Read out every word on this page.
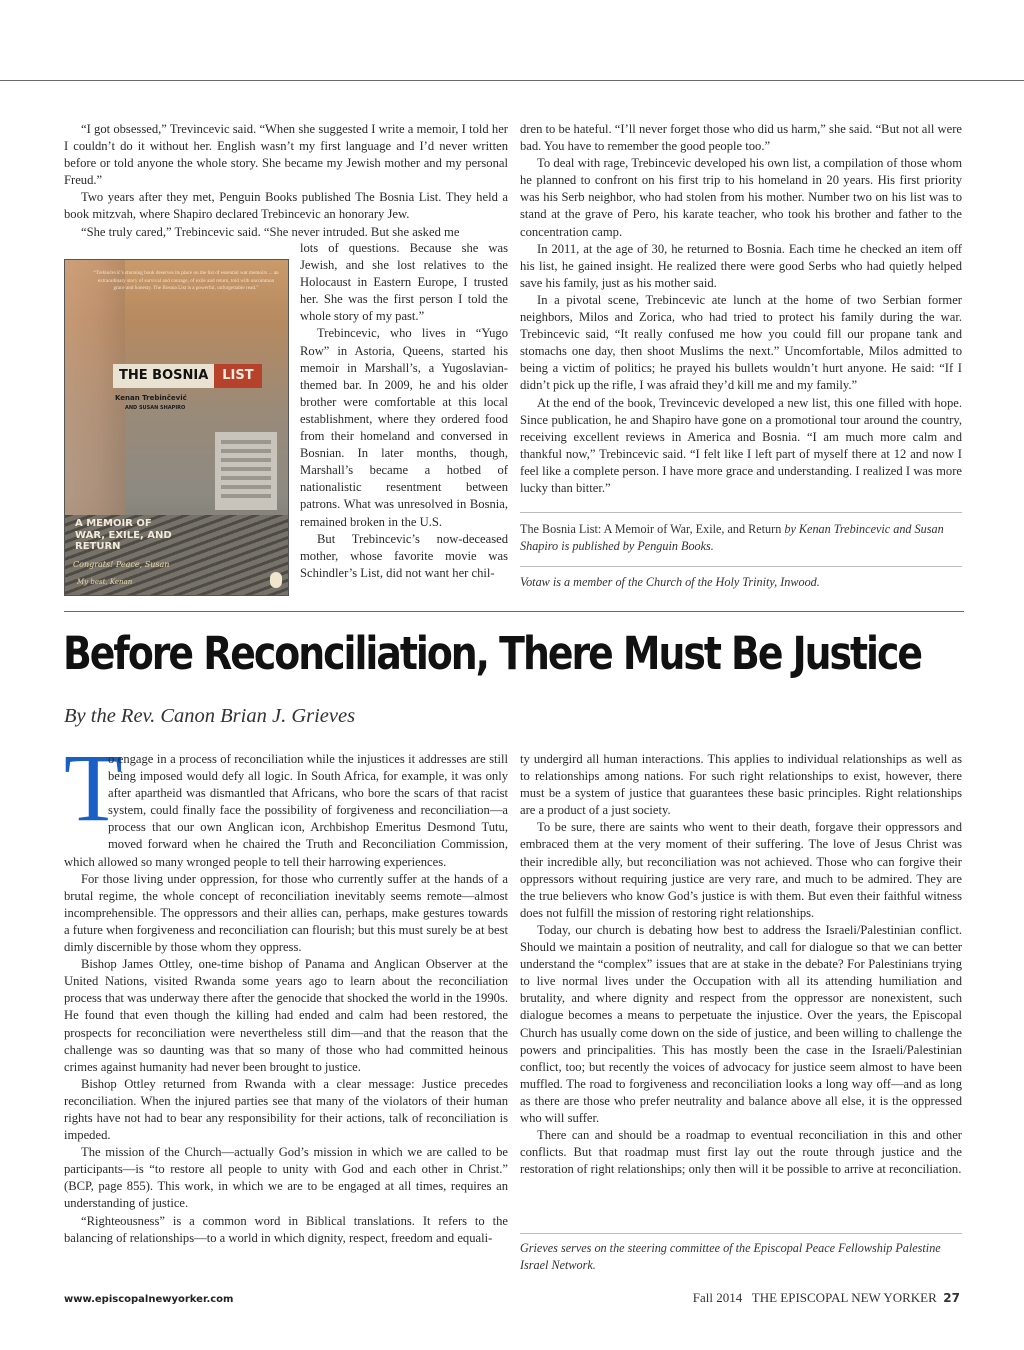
“I got obsessed,” Trevincevic said. “When she suggested I write a memoir, I told her I couldn’t do it without her. English wasn’t my first language and I’d never written before or told anyone the whole story. She became my Jewish mother and my personal Freud.”

Two years after they met, Penguin Books published The Bosnia List. They held a book mitzvah, where Shapiro declared Trebincevic an honorary Jew.

“She truly cared,” Trebincevic said. “She never intruded. But she asked me

“Trebinčević’s stunning book deserves its place on the list of essential war memoirs ... an extraordinary story of survival and courage, of exile and return, told with uncommon grace and honesty. The Bosnia List is a powerful, unforgettable read.”
THE BOSNIA	LIST
Kenan Trebinčević
AND SUSAN SHAPIRO
A MEMOIR OF WAR, EXILE, AND RETURN
Congrats! Peace, Susan
My best, Kenan

lots of questions. Because she was Jewish, and she lost relatives to the Holocaust in Eastern Europe, I trusted her. She was the first person I told the whole story of my past.”

Trebincevic, who lives in “Yugo Row” in Astoria, Queens, started his memoir in Marshall’s, a Yugoslavian-themed bar. In 2009, he and his older brother were comfortable at this local establishment, where they ordered food from their homeland and conversed in Bosnian. In later months, though, Marshall’s became a hotbed of nationalistic resentment between patrons. What was unresolved in Bosnia, remained broken in the U.S.

But Trebincevic’s now-deceased mother, whose favorite movie was Schindler’s List, did not want her chil-

dren to be hateful. “I’ll never forget those who did us harm,” she said. “But not all were bad. You have to remember the good people too.”

To deal with rage, Trebincevic developed his own list, a compilation of those whom he planned to confront on his first trip to his homeland in 20 years. His first priority was his Serb neighbor, who had stolen from his mother. Number two on his list was to stand at the grave of Pero, his karate teacher, who took his brother and father to the concentration camp.

In 2011, at the age of 30, he returned to Bosnia. Each time he checked an item off his list, he gained insight. He realized there were good Serbs who had quietly helped save his family, just as his mother said.

In a pivotal scene, Trebincevic ate lunch at the home of two Serbian former neighbors, Milos and Zorica, who had tried to protect his family during the war. Trebincevic said, “It really confused me how you could fill our propane tank and stomachs one day, then shoot Muslims the next.” Uncomfortable, Milos admitted to being a victim of politics; he prayed his bullets wouldn’t hurt anyone. He said: “If I didn’t pick up the rifle, I was afraid they’d kill me and my family.”

At the end of the book, Trevincevic developed a new list, this one filled with hope. Since publication, he and Shapiro have gone on a promotional tour around the country, receiving excellent reviews in America and Bosnia. “I am much more calm and thankful now,” Trebincevic said. “I felt like I left part of myself there at 12 and now I feel like a complete person. I have more grace and understanding. I realized I was more lucky than bitter.”

The Bosnia List: A Memoir of War, Exile, and Return by Kenan Trebincevic and Susan Shapiro is published by Penguin Books.
Votaw is a member of the Church of the Holy Trinity, Inwood.
Before Reconciliation, There Must Be Justice
By the Rev. Canon Brian J. Grieves

T
o engage in a process of reconciliation while the injustices it addresses are still being imposed would defy all logic. In South Africa, for example, it was only after apartheid was dismantled that Africans, who bore the scars of that racist system, could finally face the possibility of forgiveness and reconciliation—a process that our own Anglican icon, Archbishop Emeritus Desmond Tutu, moved forward when he chaired the Truth and Reconciliation Commission, which allowed so many wronged people to tell their harrowing experiences.

For those living under oppression, for those who currently suffer at the hands of a brutal regime, the whole concept of reconciliation inevitably seems remote—almost incomprehensible. The oppressors and their allies can, perhaps, make gestures towards a future when forgiveness and reconciliation can flourish; but this must surely be at best dimly discernible by those whom they oppress.

Bishop James Ottley, one-time bishop of Panama and Anglican Observer at the United Nations, visited Rwanda some years ago to learn about the reconciliation process that was underway there after the genocide that shocked the world in the 1990s. He found that even though the killing had ended and calm had been restored, the prospects for reconciliation were nevertheless still dim—and that the reason that the challenge was so daunting was that so many of those who had committed heinous crimes against humanity had never been brought to justice.

Bishop Ottley returned from Rwanda with a clear message: Justice precedes reconciliation. When the injured parties see that many of the violators of their human rights have not had to bear any responsibility for their actions, talk of reconciliation is impeded.

The mission of the Church—actually God’s mission in which we are called to be participants—is “to restore all people to unity with God and each other in Christ.” (BCP, page 855). This work, in which we are to be engaged at all times, requires an understanding of justice.

“Righteousness” is a common word in Biblical translations. It refers to the balancing of relationships—to a world in which dignity, respect, freedom and equali-

ty undergird all human interactions. This applies to individual relationships as well as to relationships among nations. For such right relationships to exist, however, there must be a system of justice that guarantees these basic principles. Right relationships are a product of a just society.

To be sure, there are saints who went to their death, forgave their oppressors and embraced them at the very moment of their suffering. The love of Jesus Christ was their incredible ally, but reconciliation was not achieved. Those who can forgive their oppressors without requiring justice are very rare, and much to be admired. They are the true believers who know God’s justice is with them. But even their faithful witness does not fulfill the mission of restoring right relationships.

Today, our church is debating how best to address the Israeli/Palestinian conflict. Should we maintain a position of neutrality, and call for dialogue so that we can better understand the “complex” issues that are at stake in the debate? For Palestinians trying to live normal lives under the Occupation with all its attending humiliation and brutality, and where dignity and respect from the oppressor are nonexistent, such dialogue becomes a means to perpetuate the injustice. Over the years, the Episcopal Church has usually come down on the side of justice, and been willing to challenge the powers and principalities. This has mostly been the case in the Israeli/Palestinian conflict, too; but recently the voices of advocacy for justice seem almost to have been muffled. The road to forgiveness and reconciliation looks a long way off—and as long as there are those who prefer neutrality and balance above all else, it is the oppressed who will suffer.

There can and should be a roadmap to eventual reconciliation in this and other conflicts. But that roadmap must first lay out the route through justice and the restoration of right relationships; only then will it be possible to arrive at reconciliation.

Grieves serves on the steering committee of the Episcopal Peace Fellowship Palestine Israel Network.
www.episcopalnewyorker.com	Fall 2014 THE EPISCOPAL NEW YORKER 27
